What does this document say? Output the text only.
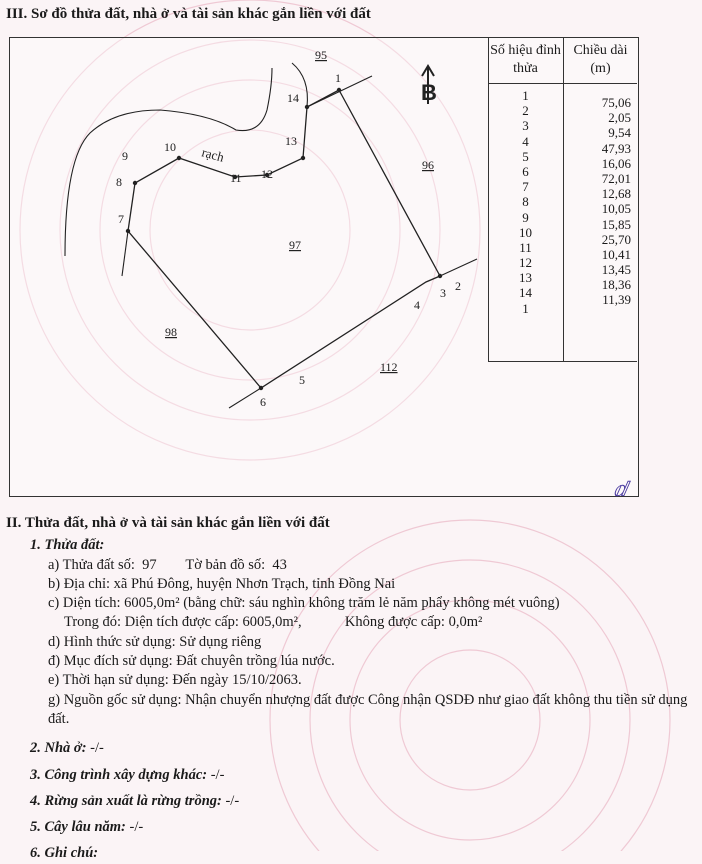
III. Sơ đồ thửa đất, nhà ở và tài sản khác gắn liền với đất
B
1
2
3
4
5
6
7
8
9
10
11 12
13
14
97
95
96
98
112
rạch
Số hiệu đỉnh thửa
Chiều dài (m)
1
2
3
4
5
6
7
8
9
10
11
12
13
14
1
75,06
2,05
9,54
47,93
16,06
72,01
12,68
10,05
15,85
25,70
10,41
13,45
18,36
11,39
ⅆ
II. Thửa đất, nhà ở và tài sản khác gắn liền với đất
1. Thửa đất:
a) Thửa đất số:  97        Tờ bản đồ số:  43
b) Địa chỉ: xã Phú Đông, huyện Nhơn Trạch, tỉnh Đồng Nai
c) Diện tích: 6005,0m² (bằng chữ: sáu nghìn không trăm lẻ năm phẩy không mét vuông)
Trong đó: Diện tích được cấp: 6005,0m²,	Không được cấp: 0,0m²
d) Hình thức sử dụng: Sử dụng riêng
đ) Mục đích sử dụng: Đất chuyên trồng lúa nước.
e) Thời hạn sử dụng: Đến ngày 15/10/2063.
g) Nguồn gốc sử dụng: Nhận chuyển nhượng đất được Công nhận QSDĐ như giao đất không thu tiền sử dụng đất.
2. Nhà ở: -/-
3. Công trình xây dựng khác: -/-
4. Rừng sản xuất là rừng trồng: -/-
5. Cây lâu năm: -/-
6. Ghi chú:
